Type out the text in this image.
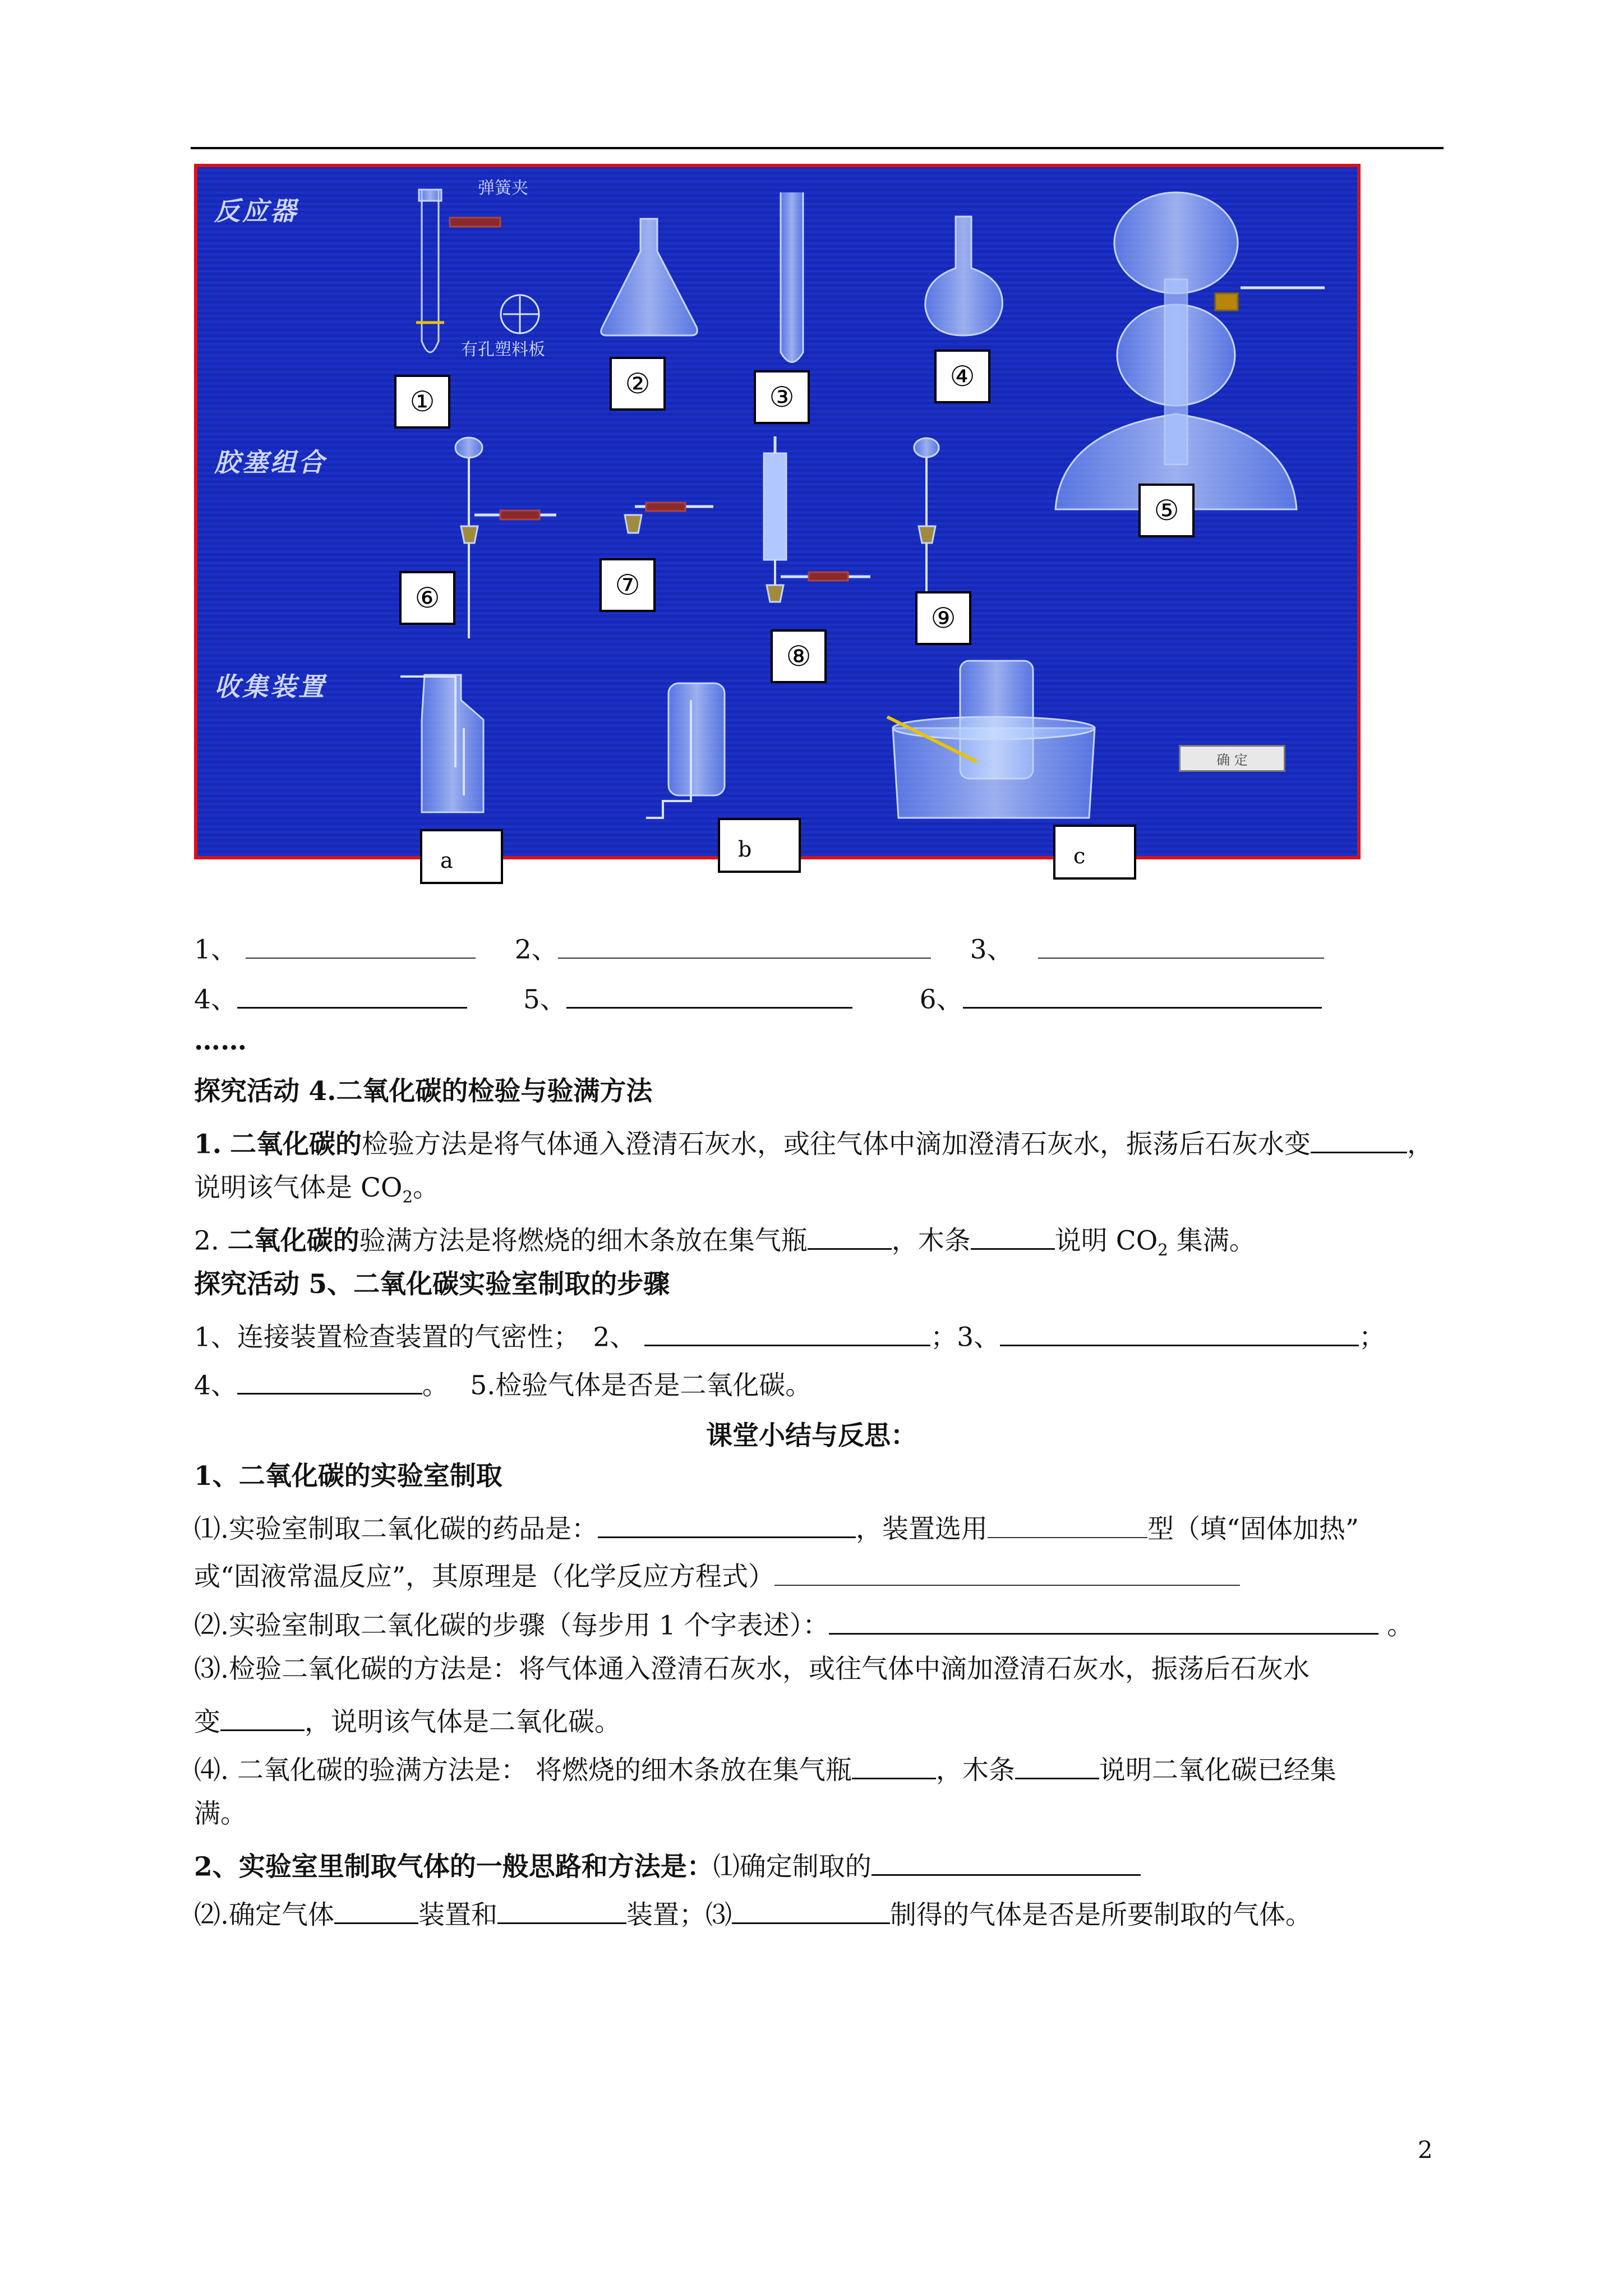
反应器
胶塞组合
收集装置
弹簧夹
有孔塑料板
①
②	③
④
⑤
⑥	⑦
⑧
⑨
a	b	c
确 定
1、	2、	3、
4、	5、	6、
……
探究活动 4.二氧化碳的检验与验满方法
1. 二氧化碳的检验方法是将气体通入澄清石灰水，或往气体中滴加澄清石灰水，振荡后石灰水变	，
说明该气体是 $CO_2$。
2. 二氧化碳的验满方法是将燃烧的细木条放在集气瓶	，木条	说明 $CO_2$ 集满。
探究活动 5、二氧化碳实验室制取的步骤
1、连接装置检查装置的气密性；　2、	；3、	；
4、	。　 5.检验气体是否是二氧化碳。
课堂小结与反思：
1、二氧化碳的实验室制取
⑴.实验室制取二氧化碳的药品是：	，装置选用	型（填“固体加热”
或“固液常温反应”，其原理是（化学反应方程式）
⑵.实验室制取二氧化碳的步骤（每步用 1 个字表述）：	。
⑶.检验二氧化碳的方法是：将气体通入澄清石灰水，或往气体中滴加澄清石灰水，振荡后石灰水
变	，说明该气体是二氧化碳。
⑷. 二氧化碳的验满方法是： 将燃烧的细木条放在集气瓶	，木条	说明二氧化碳已经集
满。
2、实验室里制取气体的一般思路和方法是：⑴确定制取的
⑵.确定气体	装置和	装置；⑶	制得的气体是否是所要制取的气体。
2
